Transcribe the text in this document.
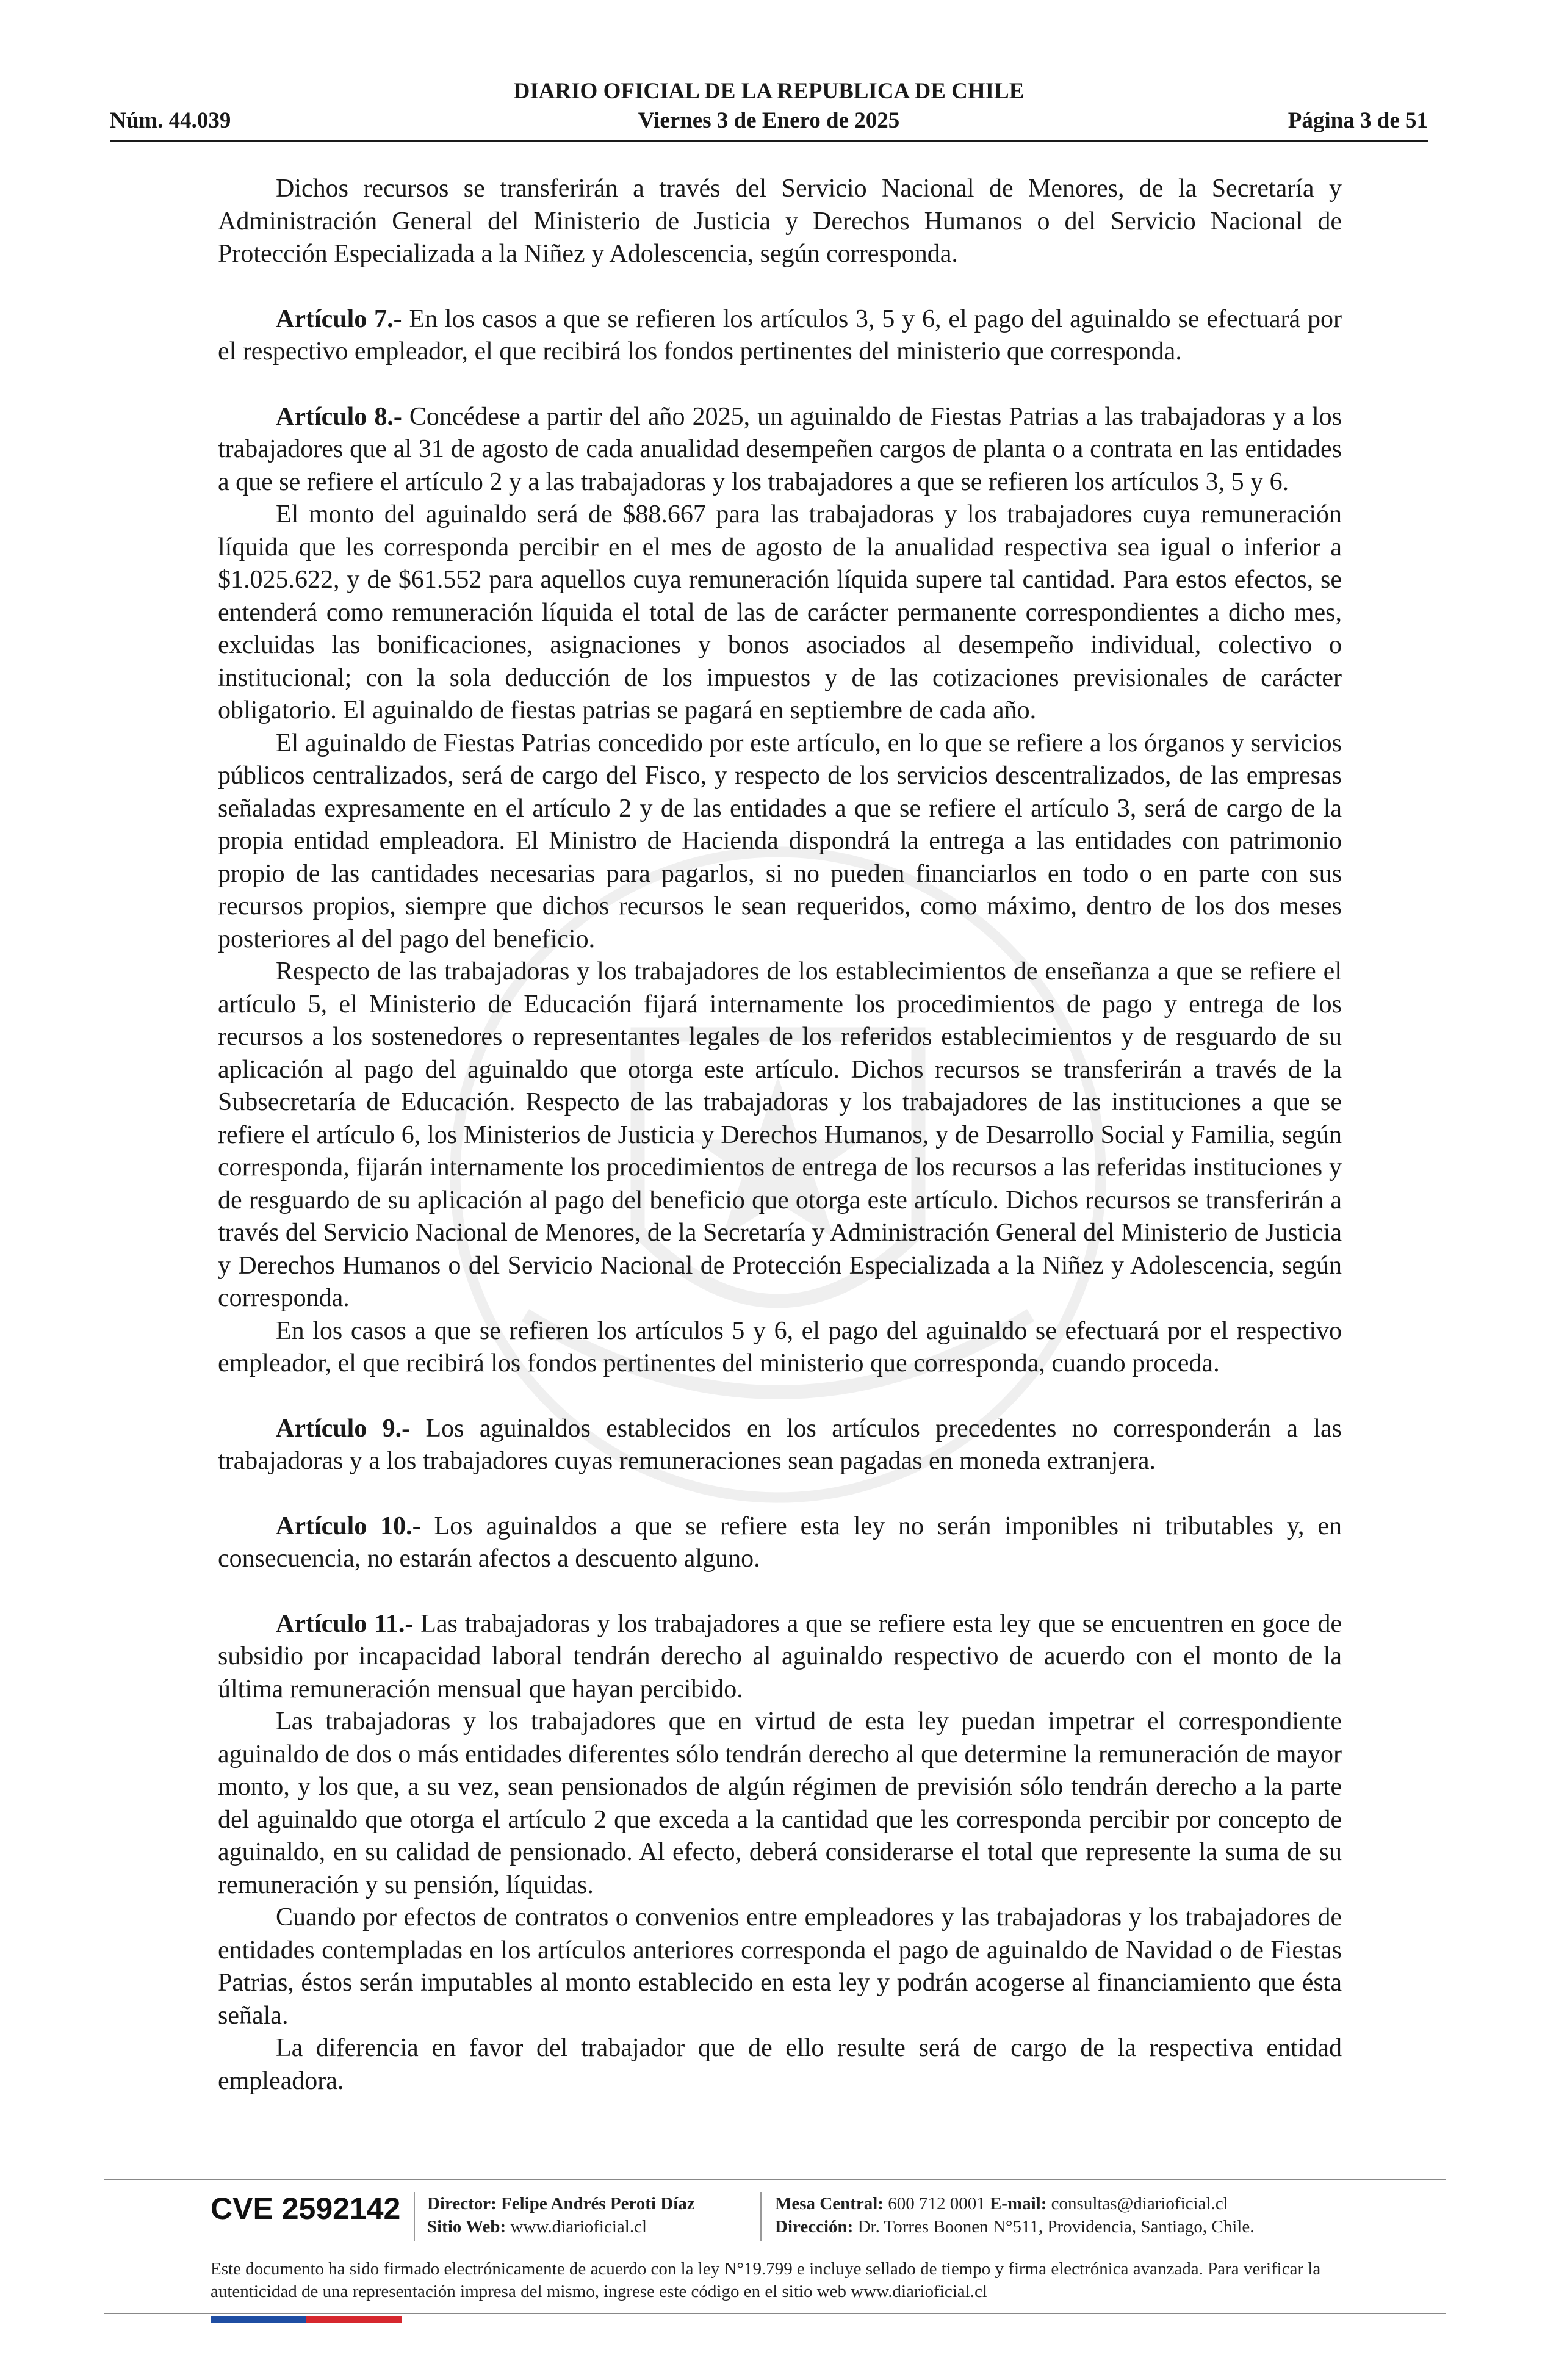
DIARIO OFICIAL DE LA REPUBLICA DE CHILE
Núm. 44.039	Viernes 3 de Enero de 2025	Página 3 de 51

Dichos recursos se transferirán a través del Servicio Nacional de Menores, de la Secretaría y Administración General del Ministerio de Justicia y Derechos Humanos o del Servicio Nacional de Protección Especializada a la Niñez y Adolescencia, según corresponda.

Artículo 7.- En los casos a que se refieren los artículos 3, 5 y 6, el pago del aguinaldo se efectuará por el respectivo empleador, el que recibirá los fondos pertinentes del ministerio que corresponda.

Artículo 8.- Concédese a partir del año 2025, un aguinaldo de Fiestas Patrias a las trabajadoras y a los trabajadores que al 31 de agosto de cada anualidad desempeñen cargos de planta o a contrata en las entidades a que se refiere el artículo 2 y a las trabajadoras y los trabajadores a que se refieren los artículos 3, 5 y 6.

El monto del aguinaldo será de $88.667 para las trabajadoras y los trabajadores cuya remuneración líquida que les corresponda percibir en el mes de agosto de la anualidad respectiva sea igual o inferior a $1.025.622, y de $61.552 para aquellos cuya remuneración líquida supere tal cantidad. Para estos efectos, se entenderá como remuneración líquida el total de las de carácter permanente correspondientes a dicho mes, excluidas las bonificaciones, asignaciones y bonos asociados al desempeño individual, colectivo o institucional; con la sola deducción de los impuestos y de las cotizaciones previsionales de carácter obligatorio. El aguinaldo de fiestas patrias se pagará en septiembre de cada año.

El aguinaldo de Fiestas Patrias concedido por este artículo, en lo que se refiere a los órganos y servicios públicos centralizados, será de cargo del Fisco, y respecto de los servicios descentralizados, de las empresas señaladas expresamente en el artículo 2 y de las entidades a que se refiere el artículo 3, será de cargo de la propia entidad empleadora. El Ministro de Hacienda dispondrá la entrega a las entidades con patrimonio propio de las cantidades necesarias para pagarlos, si no pueden financiarlos en todo o en parte con sus recursos propios, siempre que dichos recursos le sean requeridos, como máximo, dentro de los dos meses posteriores al del pago del beneficio.

Respecto de las trabajadoras y los trabajadores de los establecimientos de enseñanza a que se refiere el artículo 5, el Ministerio de Educación fijará internamente los procedimientos de pago y entrega de los recursos a los sostenedores o representantes legales de los referidos establecimientos y de resguardo de su aplicación al pago del aguinaldo que otorga este artículo. Dichos recursos se transferirán a través de la Subsecretaría de Educación. Respecto de las trabajadoras y los trabajadores de las instituciones a que se refiere el artículo 6, los Ministerios de Justicia y Derechos Humanos, y de Desarrollo Social y Familia, según corresponda, fijarán internamente los procedimientos de entrega de los recursos a las referidas instituciones y de resguardo de su aplicación al pago del beneficio que otorga este artículo. Dichos recursos se transferirán a través del Servicio Nacional de Menores, de la Secretaría y Administración General del Ministerio de Justicia y Derechos Humanos o del Servicio Nacional de Protección Especializada a la Niñez y Adolescencia, según corresponda.

En los casos a que se refieren los artículos 5 y 6, el pago del aguinaldo se efectuará por el respectivo empleador, el que recibirá los fondos pertinentes del ministerio que corresponda, cuando proceda.

Artículo 9.- Los aguinaldos establecidos en los artículos precedentes no corresponderán a las trabajadoras y a los trabajadores cuyas remuneraciones sean pagadas en moneda extranjera.

Artículo 10.- Los aguinaldos a que se refiere esta ley no serán imponibles ni tributables y, en consecuencia, no estarán afectos a descuento alguno.

Artículo 11.- Las trabajadoras y los trabajadores a que se refiere esta ley que se encuentren en goce de subsidio por incapacidad laboral tendrán derecho al aguinaldo respectivo de acuerdo con el monto de la última remuneración mensual que hayan percibido.

Las trabajadoras y los trabajadores que en virtud de esta ley puedan impetrar el correspondiente aguinaldo de dos o más entidades diferentes sólo tendrán derecho al que determine la remuneración de mayor monto, y los que, a su vez, sean pensionados de algún régimen de previsión sólo tendrán derecho a la parte del aguinaldo que otorga el artículo 2 que exceda a la cantidad que les corresponda percibir por concepto de aguinaldo, en su calidad de pensionado. Al efecto, deberá considerarse el total que represente la suma de su remuneración y su pensión, líquidas.

Cuando por efectos de contratos o convenios entre empleadores y las trabajadoras y los trabajadores de entidades contempladas en los artículos anteriores corresponda el pago de aguinaldo de Navidad o de Fiestas Patrias, éstos serán imputables al monto establecido en esta ley y podrán acogerse al financiamiento que ésta señala.

La diferencia en favor del trabajador que de ello resulte será de cargo de la respectiva entidad empleadora.

CVE 2592142 Director: Felipe Andrés Peroti Díaz
Sitio Web: www.diarioficial.cl
Mesa Central: 600 712 0001 E-mail: consultas@diarioficial.cl
Dirección: Dr. Torres Boonen N°511, Providencia, Santiago, Chile.
Este documento ha sido firmado electrónicamente de acuerdo con la ley N°19.799 e incluye sellado de tiempo y firma electrónica avanzada. Para verificar la autenticidad de una representación impresa del mismo, ingrese este código en el sitio web www.diarioficial.cl
